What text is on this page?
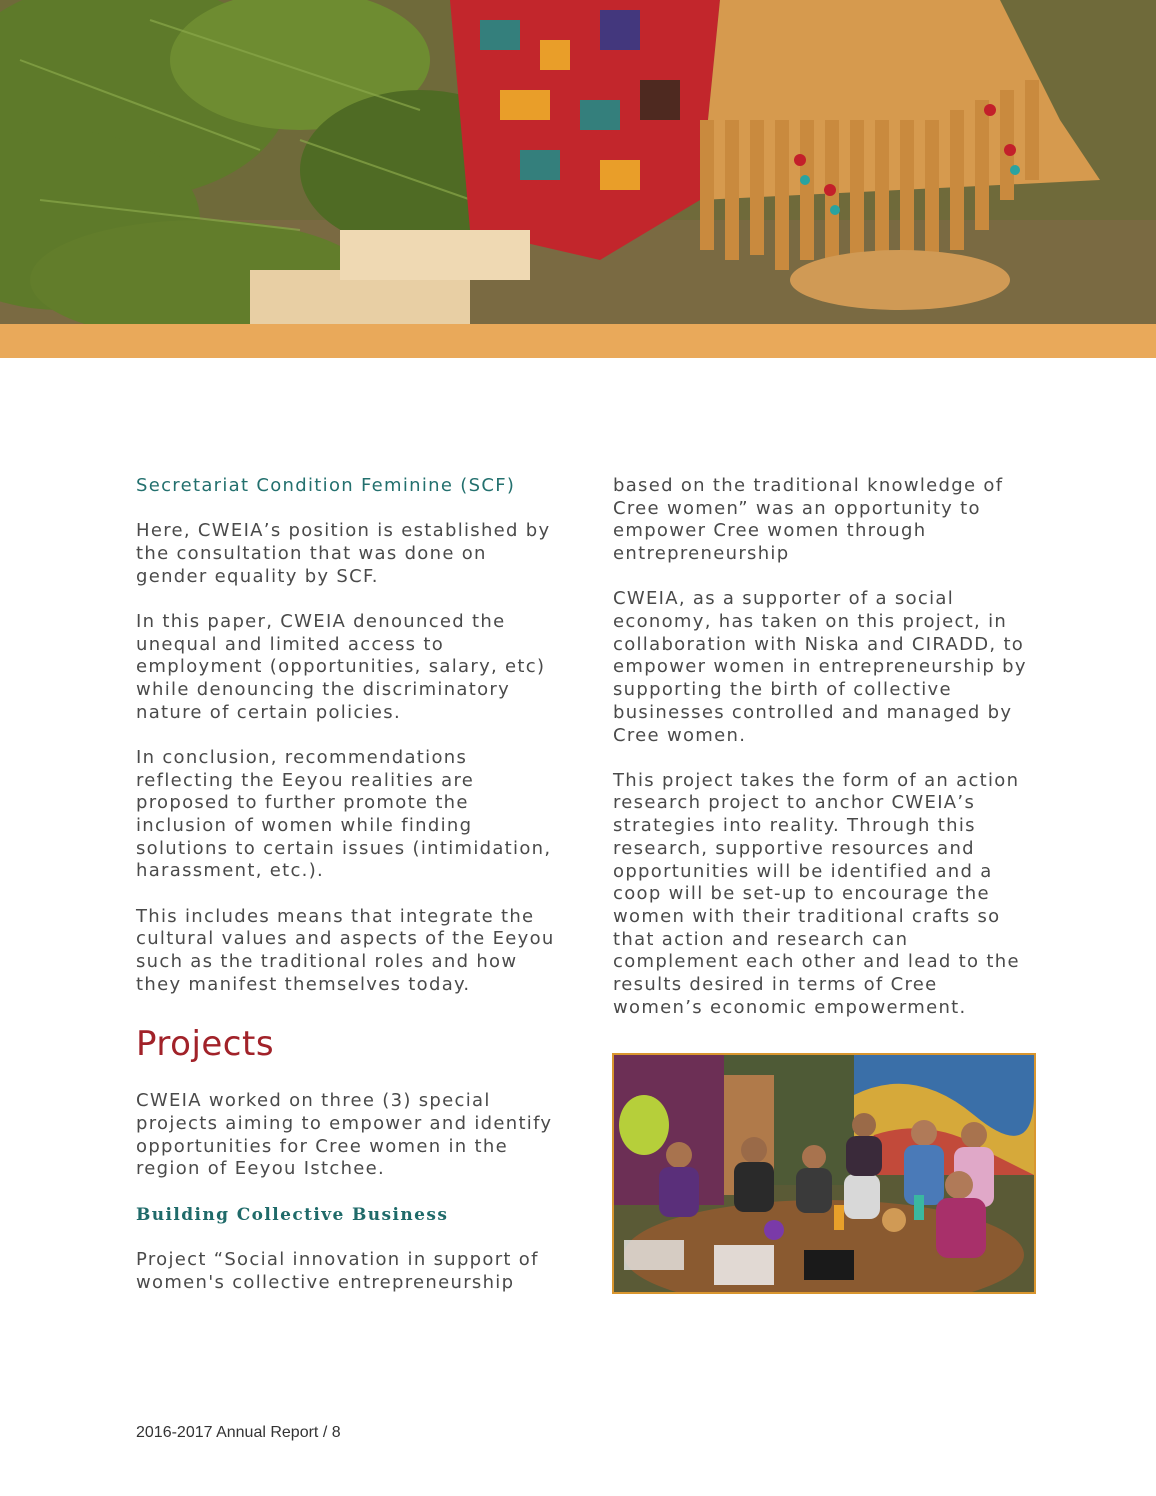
Secretariat Condition Feminine (SCF)

Here, CWEIA’s position is established by the consultation that was done on gender equality by SCF.

In this paper, CWEIA denounced the unequal and limited access to employment (opportunities, salary, etc) while denouncing the discriminatory nature of certain policies.

In conclusion, recommendations reflecting the Eeyou realities are proposed to further promote the inclusion of women while finding solutions to certain issues (intimidation, harassment, etc.).

This includes means that integrate the cultural values and aspects of the Eeyou such as the traditional roles and how they manifest themselves today.

Projects

CWEIA worked on three (3) special projects aiming to empower and identify opportunities for Cree women in the region of Eeyou Istchee.

Building Collective Business

Project “Social innovation in support of women's collective entrepreneurship

based on the traditional knowledge of Cree women” was an opportunity to empower Cree women through entrepreneurship

CWEIA, as a supporter of a social economy, has taken on this project, in collaboration with Niska and CIRADD, to empower women in entrepreneurship by supporting the birth of collective businesses controlled and managed by Cree women.

This project takes the form of an action research project to anchor CWEIA’s strategies into reality. Through this research, supportive resources and opportunities will be identified and a coop will be set-up to encourage the women with their traditional crafts so that action and research can complement each other and lead to the results desired in terms of Cree women’s economic empowerment.

2016-2017 Annual Report / 8
